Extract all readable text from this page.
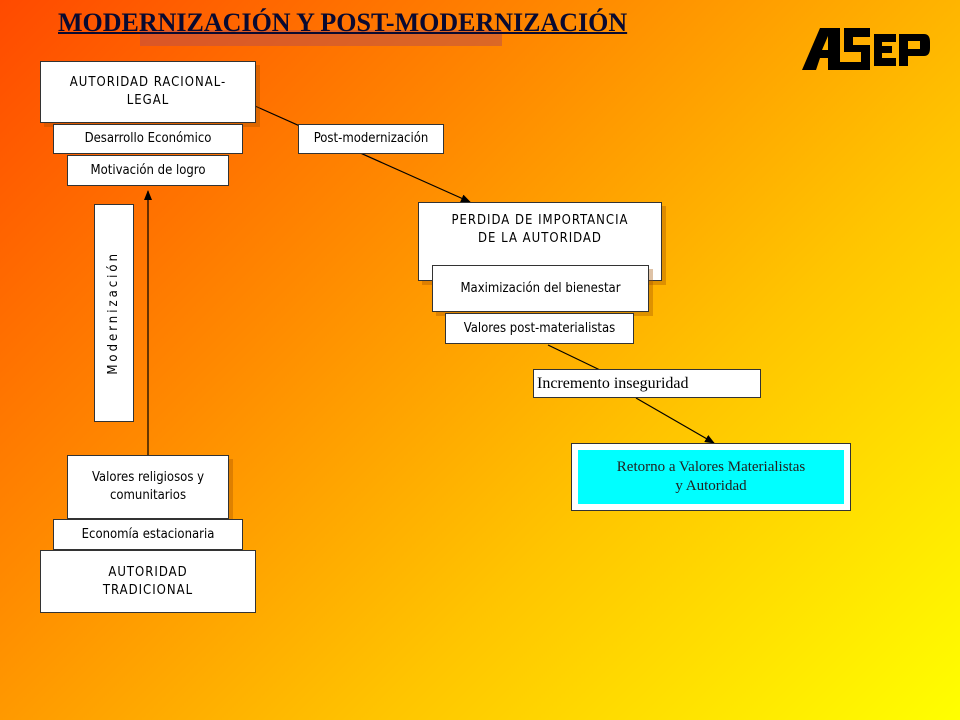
MODERNIZACIÓN Y POST-MODERNIZACIÓN
AUTORIDAD RACIONAL-
LEGAL
Desarrollo Económico
Motivación de logro
Post-modernización
Modernización
PERDIDA DE IMPORTANCIA
DE LA AUTORIDAD
Maximización del bienestar
Valores post-materialistas
Incremento inseguridad
Retorno a Valores Materialistas
y Autoridad
Valores religiosos y
comunitarios
Economía estacionaria
AUTORIDAD
TRADICIONAL
